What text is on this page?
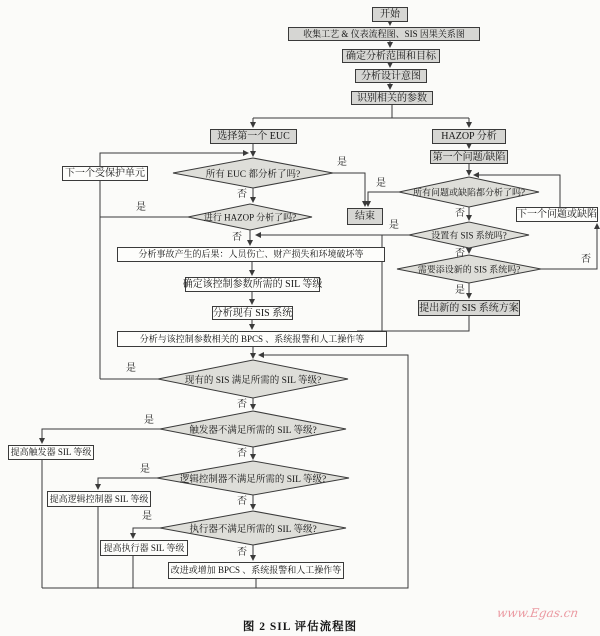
开始
收集工艺 & 仪表流程图、SIS 因果关系图
确定分析范围和目标
分析设计意图
识别相关的参数
选择第一个 EUC	HAZOP 分析
第一个问题/缺陷
结束	下一个问题或缺陷
提出新的 SIS 系统方案
下一个受保护单元
分析事故产生的后果：人员伤亡、财产损失和环境破坏等
确定该控制参数所需的 SIL 等级
分析现有 SIS 系统
分析与该控制参数相关的 BPCS 、系统报警和人工操作等
提高触发器 SIL 等级
提高逻辑控制器 SIL 等级
提高执行器 SIL 等级
改进或增加 BPCS 、系统报警和人工操作等
所有 EUC 都分析了吗?
进行 HAZOP 分析了吗?
所有问题或缺陷都分析了吗?
设置有 SIS 系统吗?
需要添设新的 SIS 系统吗?
现有的 SIS 满足所需的 SIL 等级?
触发器不满足所需的 SIL 等级?
逻辑控制器不满足所需的 SIL 等级?
执行器不满足所需的 SIL 等级?
是
否
是
否
是
否
是
否
否
是
是
否
是
否
是
否
是
否
图 2 SIL 评估流程图
www.Egas.cn
